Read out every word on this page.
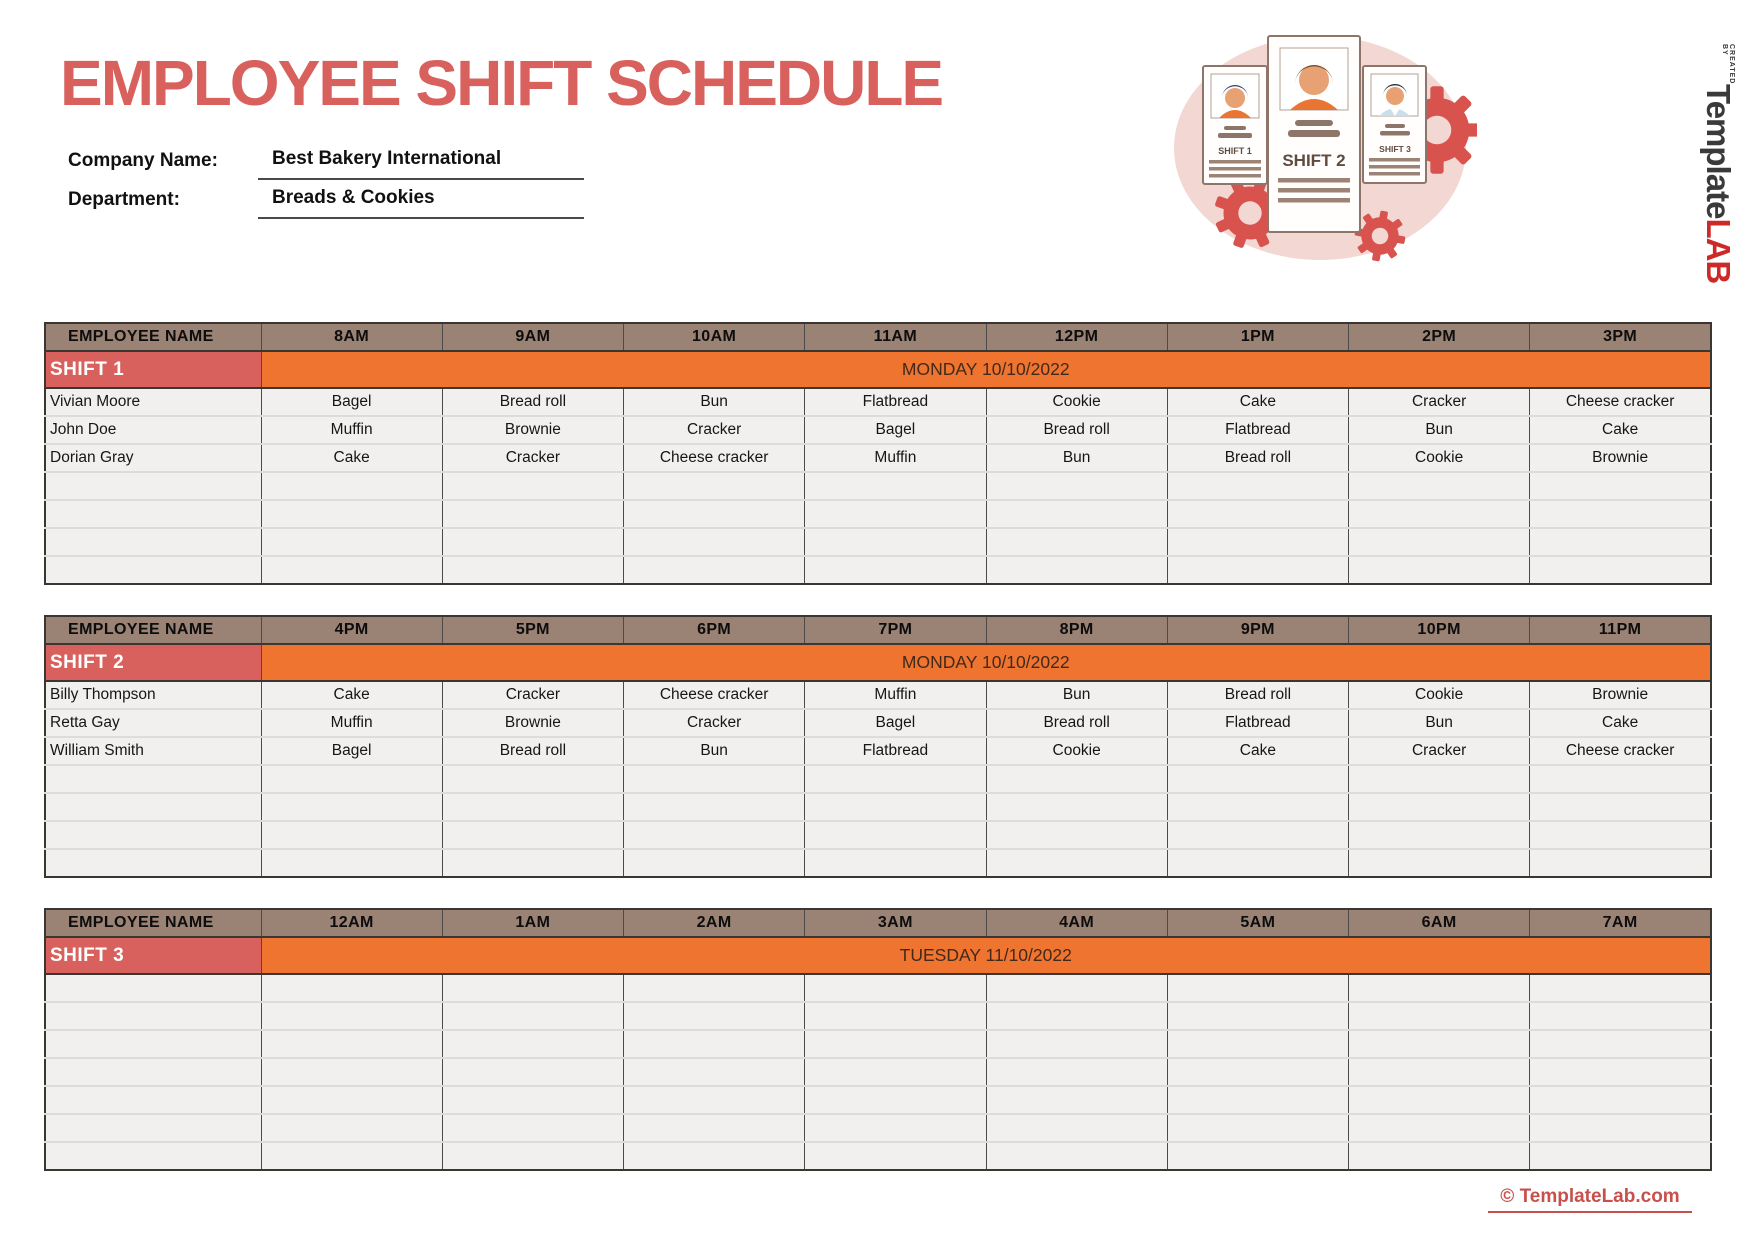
EMPLOYEE SHIFT SCHEDULE
Company Name:	Best Bakery International
Department:	Breads & Cookies
SHIFT 1	SHIFT 3
SHIFT 2
CREATED BY
TemplateLAB
EMPLOYEE NAME	8AM	9AM	10AM	11AM	12PM	1PM	2PM	3PM
SHIFT 1	MONDAY 10/10/2022							
Vivian Moore	Bagel	Bread roll	Bun	Flatbread	Cookie	Cake	Cracker	Cheese cracker
John Doe	Muffin	Brownie	Cracker	Bagel	Bread roll	Flatbread	Bun	Cake
Dorian Gray	Cake	Cracker	Cheese cracker	Muffin	Bun	Bread roll	Cookie	Brownie

EMPLOYEE NAME	4PM	5PM	6PM	7PM	8PM	9PM	10PM	11PM
SHIFT 2	MONDAY 10/10/2022							
Billy Thompson	Cake	Cracker	Cheese cracker	Muffin	Bun	Bread roll	Cookie	Brownie
Retta Gay	Muffin	Brownie	Cracker	Bagel	Bread roll	Flatbread	Bun	Cake
William Smith	Bagel	Bread roll	Bun	Flatbread	Cookie	Cake	Cracker	Cheese cracker

EMPLOYEE NAME	12AM	1AM	2AM	3AM	4AM	5AM	6AM	7AM
SHIFT 3	TUESDAY 11/10/2022							

© TemplateLab.com
